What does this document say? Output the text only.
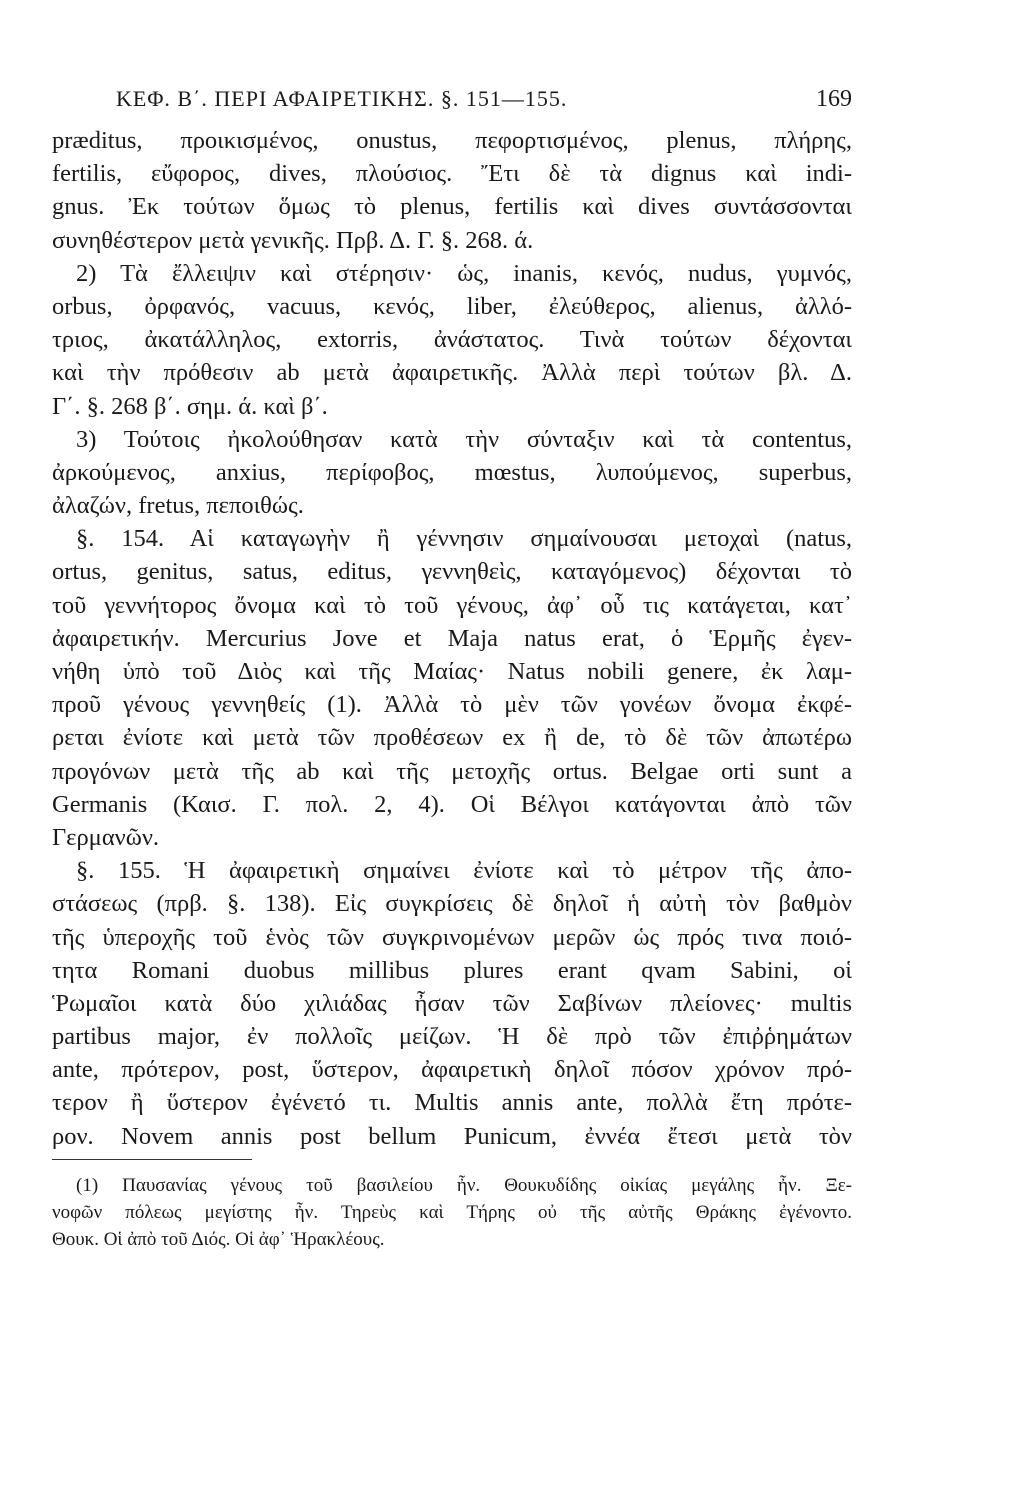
ΚΕΦ. Β΄. ΠΕΡΙ ΑΦΑΙΡΕΤΙΚΗΣ. §. 151—155.	169
præditus, προικισμένος, onustus, πεφορτισμένος, plenus, πλήρης,
fertilis, εὔφορος, dives, πλούσιος. Ἔτι δὲ τὰ dignus καὶ indi-
gnus. Ἐκ τούτων ὅμως τὸ plenus, fertilis καὶ dives συντάσσονται
συνηθέστερον μετὰ γενικῆς. Πρβ. Δ. Γ. §. 268. ά.
2) Τὰ ἔλλειψιν καὶ στέρησιν· ὡς, inanis, κενός, nudus, γυμνός,
orbus, ὀρφανός, vacuus, κενός, liber, ἐλεύθερος, alienus, ἀλλό-
τριος, ἀκατάλληλος, extorris, ἀνάστατος. Τινὰ τούτων δέχονται
καὶ τὴν πρόθεσιν ab μετὰ ἀφαιρετικῆς. Ἀλλὰ περὶ τούτων βλ. Δ.
Γ΄. §. 268 β΄. σημ. ά. καὶ β΄.
3) Τούτοις ἠκολούθησαν κατὰ τὴν σύνταξιν καὶ τὰ contentus,
ἀρκούμενος, anxius, περίφοβος, mœstus, λυπούμενος, superbus,
ἀλαζών, fretus, πεποιθώς.
§. 154. Αἱ καταγωγὴν ἢ γέννησιν σημαίνουσαι μετοχαὶ (natus,
ortus, genitus, satus, editus, γεννηθεὶς, καταγόμενος) δέχονται τὸ
τοῦ γεννήτορος ὄνομα καὶ τὸ τοῦ γένους, ἀφ᾽ οὗ τις κατάγεται, κατ᾽
ἀφαιρετικήν. Mercurius Jove et Maja natus erat, ὁ Ἑρμῆς ἐγεν-
νήθη ὑπὸ τοῦ Διὸς καὶ τῆς Μαίας· Natus nobili genere, ἐκ λαμ-
προῦ γένους γεννηθείς (1). Ἀλλὰ τὸ μὲν τῶν γονέων ὄνομα ἐκφέ-
ρεται ἐνίοτε καὶ μετὰ τῶν προθέσεων ex ἢ de, τὸ δὲ τῶν ἀπωτέρω
προγόνων μετὰ τῆς ab καὶ τῆς μετοχῆς ortus. Belgae orti sunt a
Germanis (Καισ. Γ. πολ. 2, 4). Οἱ Βέλγοι κατάγονται ἀπὸ τῶν
Γερμανῶν.
§. 155. Ἡ ἀφαιρετικὴ σημαίνει ἐνίοτε καὶ τὸ μέτρον τῆς ἀπο-
στάσεως (πρβ. §. 138). Εἰς συγκρίσεις δὲ δηλοῖ ἡ αὐτὴ τὸν βαθμὸν
τῆς ὑπεροχῆς τοῦ ἑνὸς τῶν συγκρινομένων μερῶν ὡς πρός τινα ποιό-
τητα Romani duobus millibus plures erant qvam Sabini, οἱ
Ῥωμαῖοι κατὰ δύο χιλιάδας ἦσαν τῶν Σαβίνων πλείονες· multis
partibus major, ἐν πολλοῖς μείζων. Ἡ δὲ πρὸ τῶν ἐπιῤῥημάτων
ante, πρότερον, post, ὕστερον, ἀφαιρετικὴ δηλοῖ πόσον χρόνον πρό-
τερον ἢ ὕστερον ἐγένετό τι. Multis annis ante, πολλὰ ἔτη πρότε-
ρον. Novem annis post bellum Punicum, ἐννέα ἔτεσι μετὰ τὸν
(1) Παυσανίας γένους τοῦ βασιλείου ἦν. Θουκυδίδης οἰκίας μεγάλης ἦν. Ξε-
νοφῶν πόλεως μεγίστης ἦν. Τηρεὺς καὶ Τήρης οὐ τῆς αὐτῆς Θράκης ἐγένοντο.
Θουκ. Οἱ ἀπὸ τοῦ Διός. Οἱ ἀφ᾽ Ἡρακλέους.
